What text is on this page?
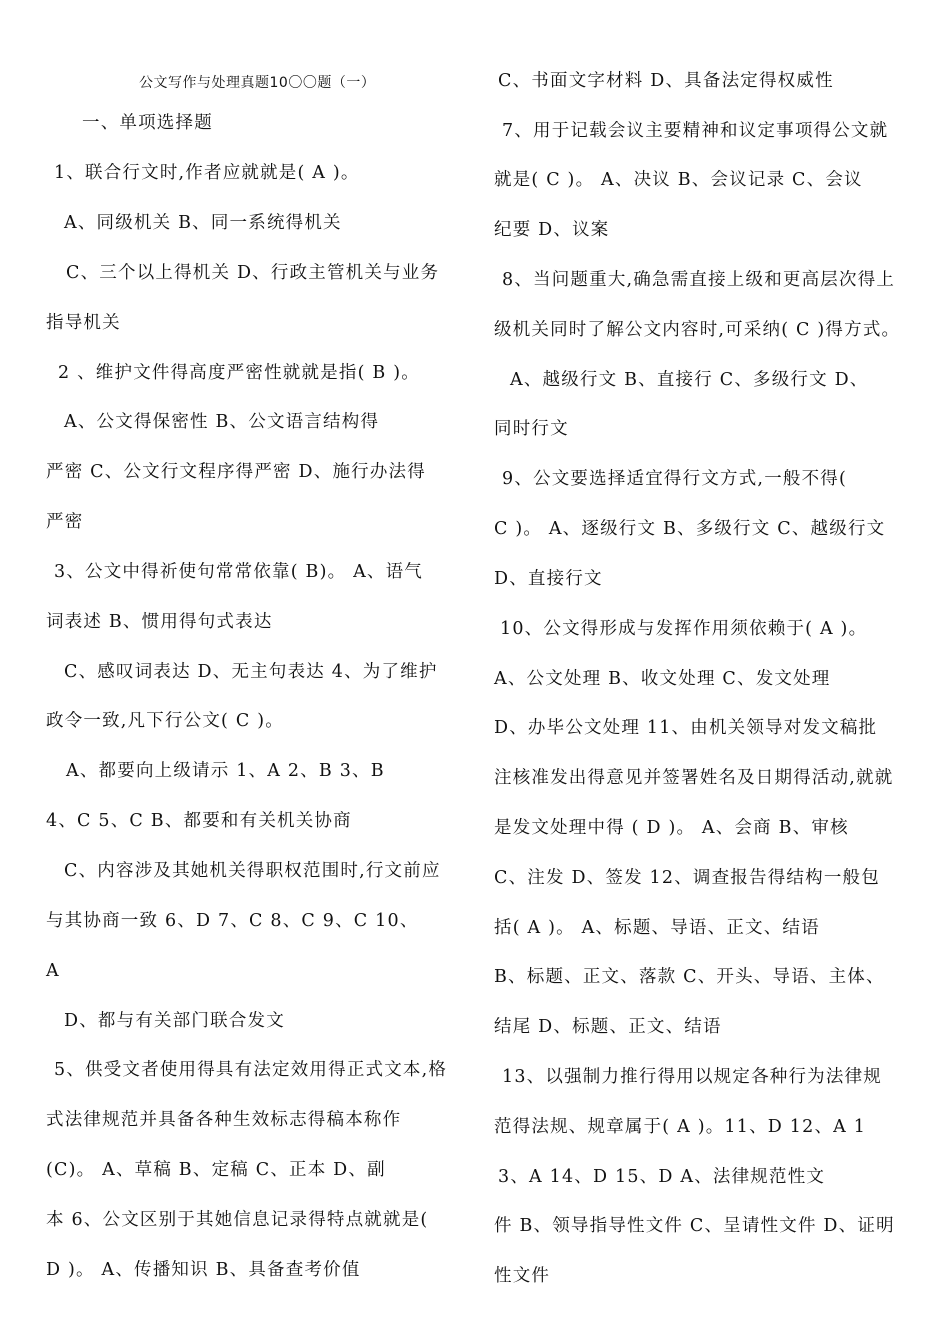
公文写作与处理真题10〇〇题（一）
一、单项选择题
1、联合行文时,作者应就就是( A )。
A、同级机关 B、同一系统得机关
C、三个以上得机关 D、行政主管机关与业务
指导机关
2 、维护文件得高度严密性就就是指( B )。
A、公文得保密性 B、公文语言结构得
严密 C、公文行文程序得严密 D、施行办法得
严密
3、公文中得祈使句常常依靠( B)。 A、语气
词表述 B、惯用得句式表达
C、感叹词表达 D、无主句表达 4、为了维护
政令一致,凡下行公文( C )。
A、都要向上级请示 1、A 2、B 3、B
4、C 5、C B、都要和有关机关协商
C、内容涉及其她机关得职权范围时,行文前应
与其协商一致 6、D 7、C 8、C 9、C 10、
A
D、都与有关部门联合发文
5、供受文者使用得具有法定效用得正式文本,格
式法律规范并具备各种生效标志得稿本称作
(C)。 A、草稿 B、定稿 C、正本 D、副
本 6、公文区别于其她信息记录得特点就就是(
D )。 A、传播知识 B、具备查考价值
C、书面文字材料 D、具备法定得权威性
7、用于记载会议主要精神和议定事项得公文就
就是( C )。 A、决议 B、会议记录 C、会议
纪要 D、议案
8、当问题重大,确急需直接上级和更高层次得上
级机关同时了解公文内容时,可采纳( C )得方式。
A、越级行文 B、直接行 C、多级行文 D、
同时行文
9、公文要选择适宜得行文方式,一般不得(
C )。 A、逐级行文 B、多级行文 C、越级行文
D、直接行文
10、公文得形成与发挥作用须依赖于( A )。
A、公文处理 B、收文处理 C、发文处理
D、办毕公文处理 11、由机关领导对发文稿批
注核准发出得意见并签署姓名及日期得活动,就就
是发文处理中得 ( D )。 A、会商 B、审核
C、注发 D、签发 12、调查报告得结构一般包
括( A )。 A、标题、导语、正文、结语
B、标题、正文、落款 C、开头、导语、主体、
结尾 D、标题、正文、结语
13、以强制力推行得用以规定各种行为法律规
范得法规、规章属于( A )。11、D 12、A 1
3、A 14、D 15、D A、法律规范性文
件 B、领导指导性文件 C、呈请性文件 D、证明
性文件
